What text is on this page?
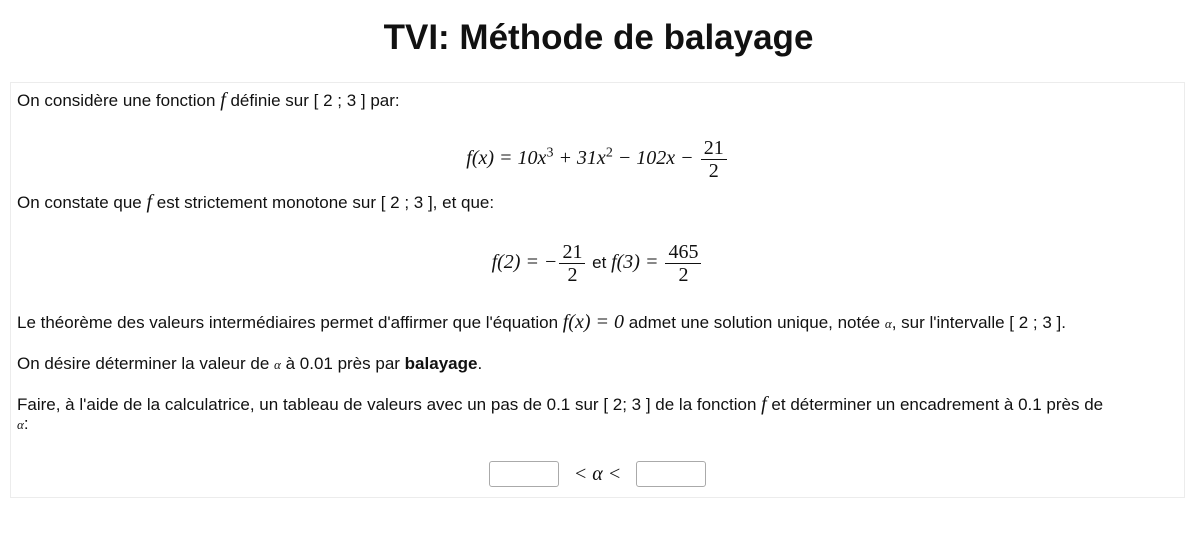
TVI: Méthode de balayage
On considère une fonction f définie sur [ 2 ; 3 ] par:
$f(x) = 10x^3 + 31x^2 - 102x - \frac{21}{2}$
On constate que f est strictement monotone sur [ 2 ; 3 ], et que:
f(2) = − $\frac{21}{2}$ et $f(3) = \frac{465}{2}$
Le théorème des valeurs intermédiaires permet d'affirmer que l'équation f(x) = 0 admet une solution unique, notée α, sur l'intervalle [ 2 ; 3 ].
On désire déterminer la valeur de α à 0.01 près par balayage.
Faire, à l'aide de la calculatrice, un tableau de valeurs avec un pas de 0.1 sur [ 2; 3 ] de la fonction f et déterminer un encadrement à 0.1 près de
α:
< α <
